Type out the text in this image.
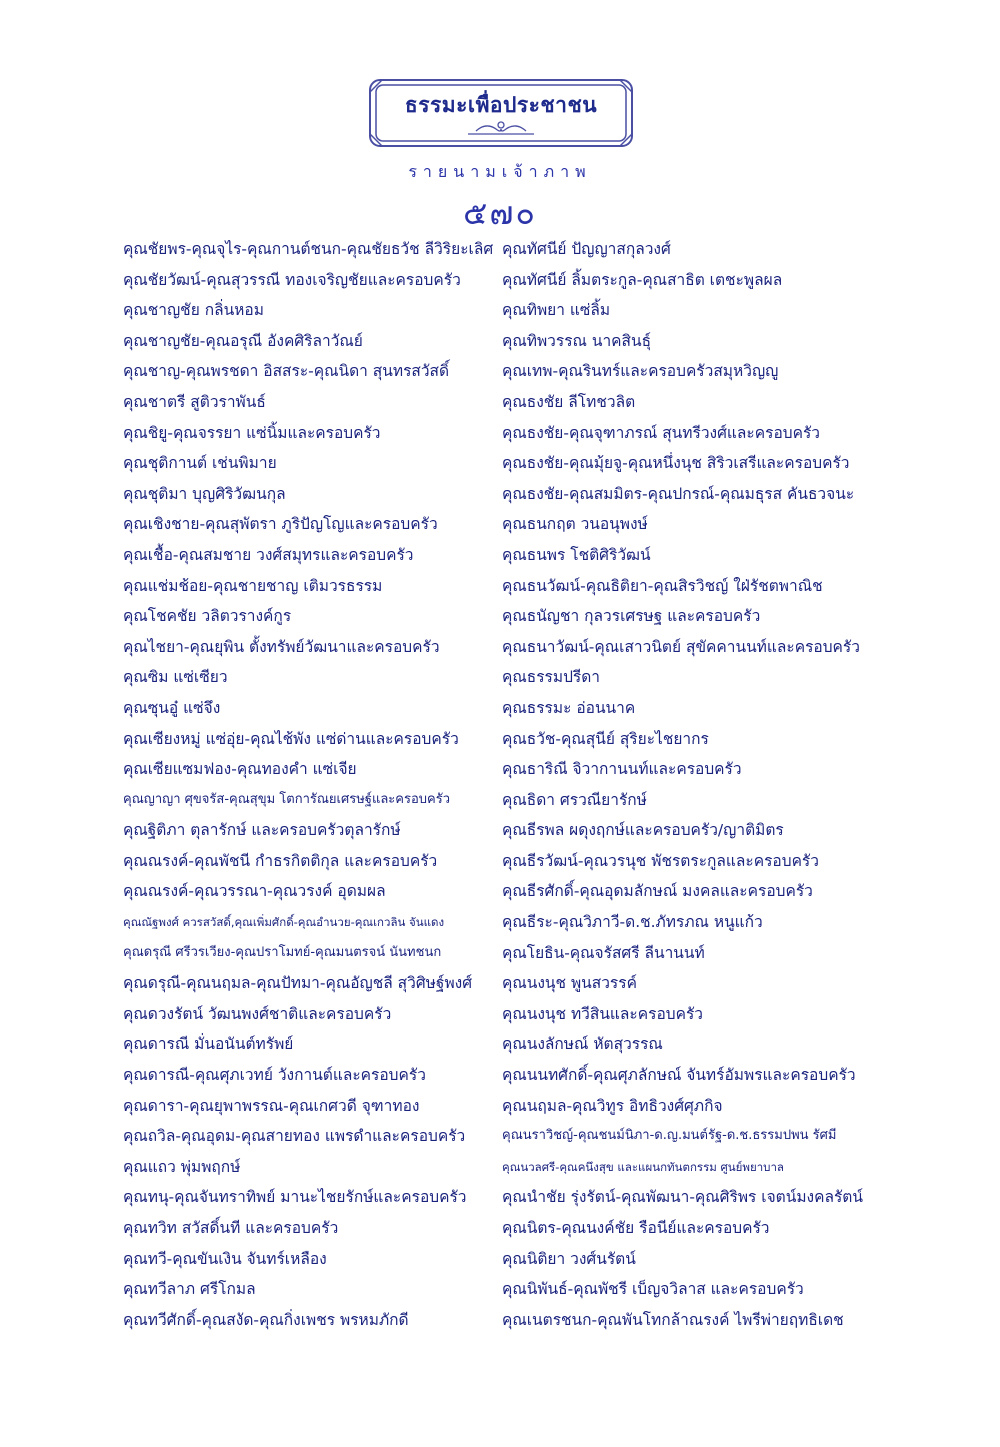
ธรรมะเพื่อประชาชน
รายนามเจ้าภาพ
๕๗๐
คุณชัยพร-คุณจุไร-คุณกานต์ชนก-คุณชัยธวัช ลีวิริยะเลิศ
คุณชัยวัฒน์-คุณสุวรรณี ทองเจริญชัยและครอบครัว
คุณชาญชัย กลิ่นหอม
คุณชาญชัย-คุณอรุณี อังคศิริลาวัณย์
คุณชาญ-คุณพรชดา อิสสระ-คุณนิดา สุนทรสวัสดิ์
คุณชาตรี สูติวราพันธ์
คุณชิยู-คุณจรรยา แซ่นิ้มและครอบครัว
คุณชุติกานต์ เช่นพิมาย
คุณชุติมา บุญศิริวัฒนกุล
คุณเชิงชาย-คุณสุพัตรา ภูริปัญโญและครอบครัว
คุณเชื้อ-คุณสมชาย วงศ์สมุทรและครอบครัว
คุณแช่มช้อย-คุณชายชาญ เติมวรธรรม
คุณโชคชัย วลิตวรางค์กูร
คุณไชยา-คุณยุพิน ตั้งทรัพย์วัฒนาและครอบครัว
คุณซิม แซ่เซียว
คุณซุนอู๋ แซ่จึง
คุณเซียงหมู่ แซ่อุ่ย-คุณไช้พัง แซ่ด่านและครอบครัว
คุณเซียแซมฟอง-คุณทองคำ แซ่เจีย
คุณญาญา ศุขจรัส-คุณสุขุม โตการัณยเศรษฐ์และครอบครัว
คุณฐิติภา ตุลารักษ์ และครอบครัวตุลารักษ์
คุณณรงค์-คุณพัชนี กำธรกิตติกุล และครอบครัว
คุณณรงค์-คุณวรรณา-คุณวรงค์ อุดมผล
คุณณัฐพงศ์ ควรสวัสดิ์,คุณเพิ่มศักดิ์-คุณอำนวย-คุณเกวลิน จันแดง
คุณดรุณี ศรีวรเวียง-คุณปราโมทย์-คุณมนตรจน์ นันทชนก
คุณดรุณี-คุณนฤมล-คุณปัทมา-คุณอัญชลี สุวิศิษฐ์พงศ์
คุณดวงรัตน์ วัฒนพงศ์ชาติและครอบครัว
คุณดารณี มั่นอนันต์ทรัพย์
คุณดารณี-คุณศุภเวทย์ วังกานต์และครอบครัว
คุณดารา-คุณยุพาพรรณ-คุณเกศวดี จุฑาทอง
คุณถวิล-คุณอุดม-คุณสายทอง แพรดำและครอบครัว
คุณแถว พุ่มพฤกษ์
คุณทนุ-คุณจันทราทิพย์ มานะไชยรักษ์และครอบครัว
คุณทวิท สวัสดิ์นที และครอบครัว
คุณทวี-คุณขันเงิน จันทร์เหลือง
คุณทวีลาภ ศรีโกมล
คุณทวีศักดิ์-คุณสงัด-คุณกิ่งเพชร พรหมภักดี
คุณทัศนีย์ ปัญญาสกุลวงศ์
คุณทัศนีย์ ลิ้มตระกูล-คุณสาธิต เตชะพูลผล
คุณทิพยา แซ่ลิ้ม
คุณทิพวรรณ นาคสินธุ์
คุณเทพ-คุณรินทร์และครอบครัวสมุหวิญญู
คุณธงชัย ลีโทชวลิต
คุณธงชัย-คุณจุฑาภรณ์ สุนทรีวงศ์และครอบครัว
คุณธงชัย-คุณมุ้ยจู-คุณหนึ่งนุช สิริวเสรีและครอบครัว
คุณธงชัย-คุณสมมิตร-คุณปกรณ์-คุณมธุรส คันธวจนะ
คุณธนกฤต วนอนุพงษ์
คุณธนพร โชติศิริวัฒน์
คุณธนวัฒน์-คุณธิติยา-คุณสิรวิชญ์ ใฝ่รัชตพาณิช
คุณธนัญชา กุลวรเศรษฐ และครอบครัว
คุณธนาวัฒน์-คุณเสาวนิตย์ สุขัคคานนท์และครอบครัว
คุณธรรมปรีดา
คุณธรรมะ อ่อนนาค
คุณธวัช-คุณสุนีย์ สุริยะไชยากร
คุณธาริณี จิวากานนท์และครอบครัว
คุณธิดา ศรวณียารักษ์
คุณธีรพล ผดุงฤกษ์และครอบครัว/ญาติมิตร
คุณธีรวัฒน์-คุณวรนุช พัชรตระกูลและครอบครัว
คุณธีรศักดิ์-คุณอุดมลักษณ์ มงคลและครอบครัว
คุณธีระ-คุณวิภาวี-ด.ช.ภัทรภณ หนูแก้ว
คุณโยธิน-คุณจรัสศรี ลีนานนท์
คุณนงนุช พูนสวรรค์
คุณนงนุช ทวีสินและครอบครัว
คุณนงลักษณ์ หัตสุวรรณ
คุณนนทศักดิ์-คุณศุภลักษณ์ จันทร์อัมพรและครอบครัว
คุณนฤมล-คุณวิทูร อิทธิวงศ์ศุภกิจ
คุณนราวิชญ์-คุณชนม์นิภา-ด.ญ.มนต์รัฐ-ด.ช.ธรรมปพน รัศมี
คุณนวลศรี-คุณคนึงสุข และแผนกทันตกรรม ศูนย์พยาบาล
คุณนำชัย รุ่งรัตน์-คุณพัฒนา-คุณศิริพร เจตน์มงคลรัตน์
คุณนิตร-คุณนงค์ชัย รือนีย์และครอบครัว
คุณนิติยา วงศ์นรัตน์
คุณนิพันธ์-คุณพัชรี เบ็ญจวิลาส และครอบครัว
คุณเนตรชนก-คุณพันโทกล้าณรงค์ ไพรีพ่ายฤทธิเดช
